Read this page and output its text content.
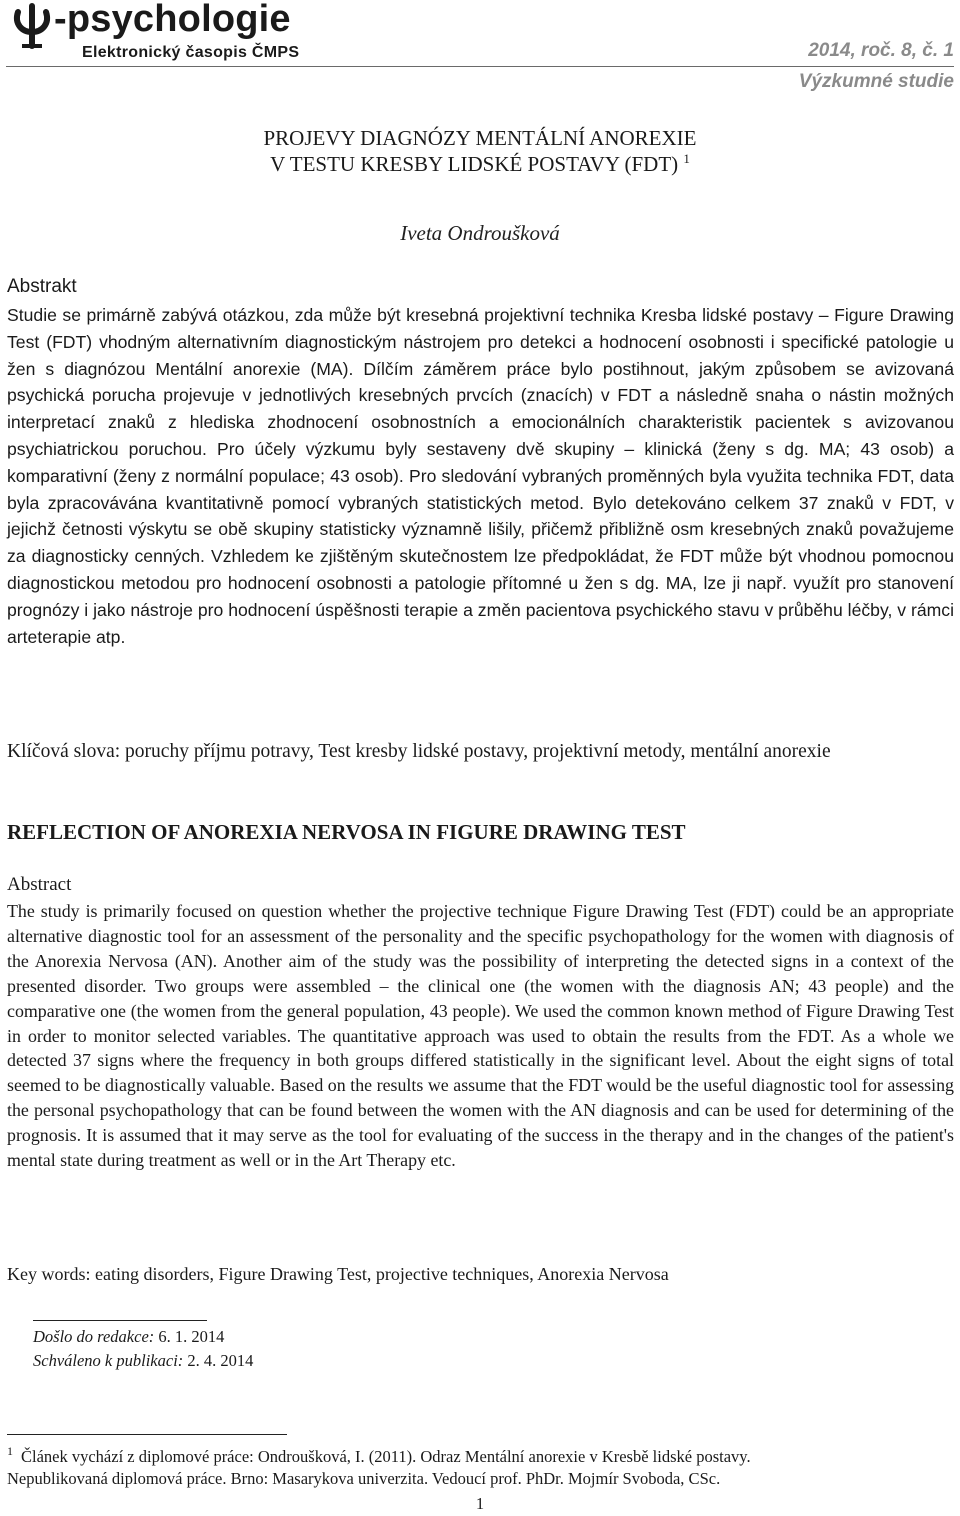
-psychologie
Elektronický časopis ČMPS	2014, roč. 8, č. 1
Výzkumné studie
PROJEVY DIAGNÓZY MENTÁLNÍ ANOREXIE
V TESTU KRESBY LIDSKÉ POSTAVY (FDT) $^1$
Iveta Ondroušková
Abstrakt
Studie se primárně zabývá otázkou, zda může být kresebná projektivní technika Kresba lidské postavy – Figure Drawing Test (FDT) vhodným alternativním diagnostickým nástrojem pro detekci a hodnocení osobnosti i specifické patologie u žen s diagnózou Mentální anorexie (MA). Dílčím záměrem práce bylo postihnout, jakým způsobem se avizovaná psychická porucha projevuje v jednotlivých kresebných prvcích (znacích) v FDT a následně snaha o nástin možných interpretací znaků z hlediska zhodnocení osobnostních a emocionálních charakteristik pacientek s avizovanou psychiatrickou poruchou. Pro účely výzkumu byly sestaveny dvě skupiny – klinická (ženy s dg. MA; 43 osob) a komparativní (ženy z normální populace; 43 osob). Pro sledování vybraných proměnných byla využita technika FDT, data byla zpracovávána kvantitativně pomocí vybraných statistických metod. Bylo detekováno celkem 37 znaků v FDT, v jejichž četnosti výskytu se obě skupiny statisticky významně lišily, přičemž přibližně osm kresebných znaků považujeme za diagnosticky cenných. Vzhledem ke zjištěným skutečnostem lze předpokládat, že FDT může být vhodnou pomocnou diagnostickou metodou pro hodnocení osobnosti a patologie přítomné u žen s dg. MA, lze ji např. využít pro stanovení prognózy i jako nástroje pro hodnocení úspěšnosti terapie a změn pacientova psychického stavu v průběhu léčby, v rámci arteterapie atp.
Klíčová slova: poruchy příjmu potravy, Test kresby lidské postavy, projektivní metody, mentální anorexie
REFLECTION OF ANOREXIA NERVOSA IN FIGURE DRAWING TEST
Abstract
The study is primarily focused on question whether the projective technique Figure Drawing Test (FDT) could be an appropriate alternative diagnostic tool for an assessment of the personality and the specific psychopathology for the women with diagnosis of the Anorexia Nervosa (AN). Another aim of the study was the possibility of interpreting the detected signs in a context of the presented disorder. Two groups were assembled – the clinical one (the women with the diagnosis AN; 43 people) and the comparative one (the women from the general population, 43 people). We used the common known method of Figure Drawing Test in order to monitor selected variables. The quantitative approach was used to obtain the results from the FDT. As a whole we detected 37 signs where the frequency in both groups differed statistically in the significant level. About the eight signs of total seemed to be diagnostically valuable. Based on the results we assume that the FDT would be the useful diagnostic tool for assessing the personal psychopathology that can be found between the women with the AN diagnosis and can be used for determining of the prognosis. It is assumed that it may serve as the tool for evaluating of the success in the therapy and in the changes of the patient's mental state during treatment as well or in the Art Therapy etc.
Key words: eating disorders, Figure Drawing Test, projective techniques, Anorexia Nervosa
Došlo do redakce: 6. 1. 2014
Schváleno k publikaci: 2. 4. 2014
$^1$ Článek vychází z diplomové práce: Ondroušková, I. (2011). Odraz Mentální anorexie v Kresbě lidské postavy.
Nepublikovaná diplomová práce. Brno: Masarykova univerzita. Vedoucí prof. PhDr. Mojmír Svoboda, CSc.
1
